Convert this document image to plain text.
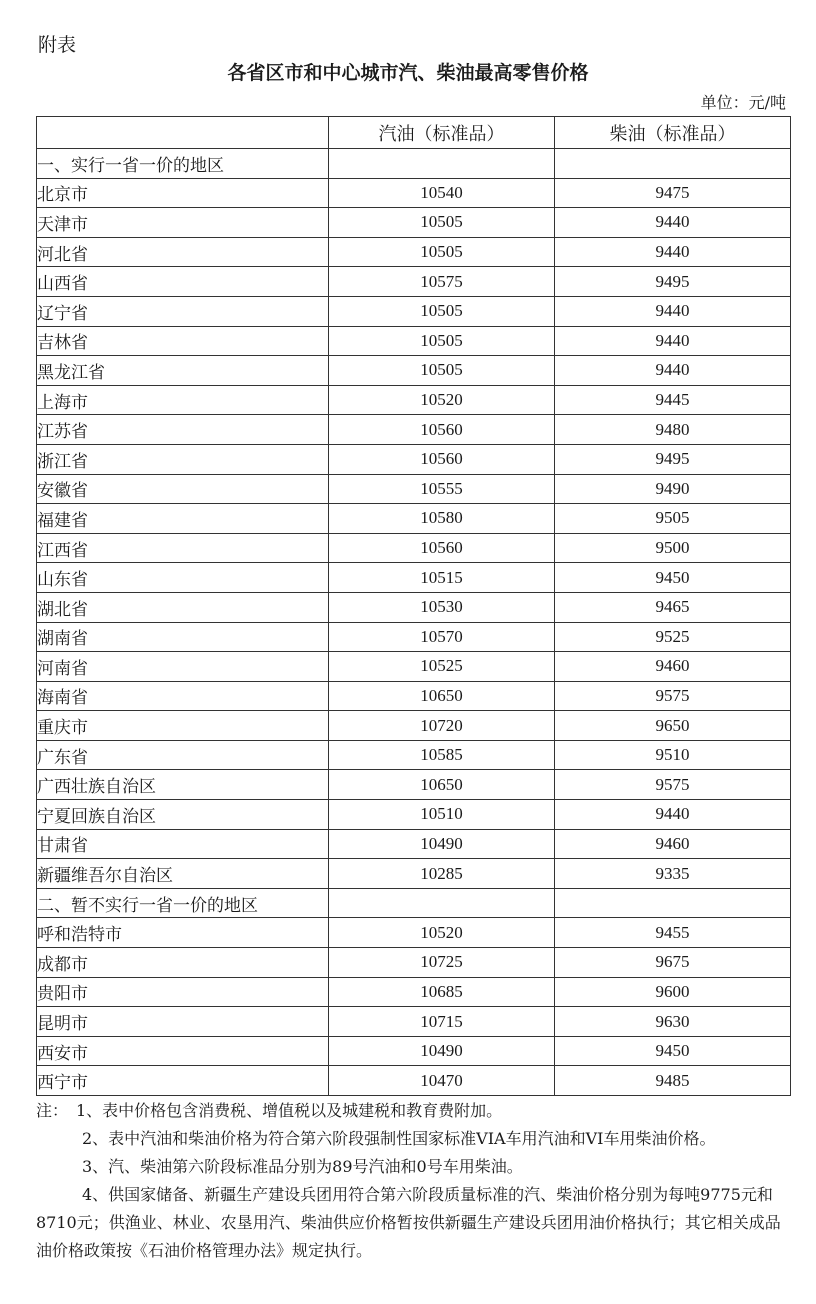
附表
各省区市和中心城市汽、柴油最高零售价格
单位：元/吨
	汽油（标准品）	柴油（标准品）
一、实行一省一价的地区		
北京市	10540	9475
天津市	10505	9440
河北省	10505	9440
山西省	10575	9495
辽宁省	10505	9440
吉林省	10505	9440
黑龙江省	10505	9440
上海市	10520	9445
江苏省	10560	9480
浙江省	10560	9495
安徽省	10555	9490
福建省	10580	9505
江西省	10560	9500
山东省	10515	9450
湖北省	10530	9465
湖南省	10570	9525
河南省	10525	9460
海南省	10650	9575
重庆市	10720	9650
广东省	10585	9510
广西壮族自治区	10650	9575
宁夏回族自治区	10510	9440
甘肃省	10490	9460
新疆维吾尔自治区	10285	9335
二、暂不实行一省一价的地区		
呼和浩特市	10520	9455
成都市	10725	9675
贵阳市	10685	9600
昆明市	10715	9630
西安市	10490	9450
西宁市	10470	9485

注：　1、表中价格包含消费税、增值税以及城建税和教育费附加。

2、表中汽油和柴油价格为符合第六阶段强制性国家标准VIA车用汽油和VI车用柴油价格。

3、汽、柴油第六阶段标准品分别为89号汽油和0号车用柴油。

4、供国家储备、新疆生产建设兵团用符合第六阶段质量标准的汽、柴油价格分别为每吨9775元和8710元；供渔业、林业、农垦用汽、柴油供应价格暂按供新疆生产建设兵团用油价格执行；其它相关成品油价格政策按《石油价格管理办法》规定执行。
